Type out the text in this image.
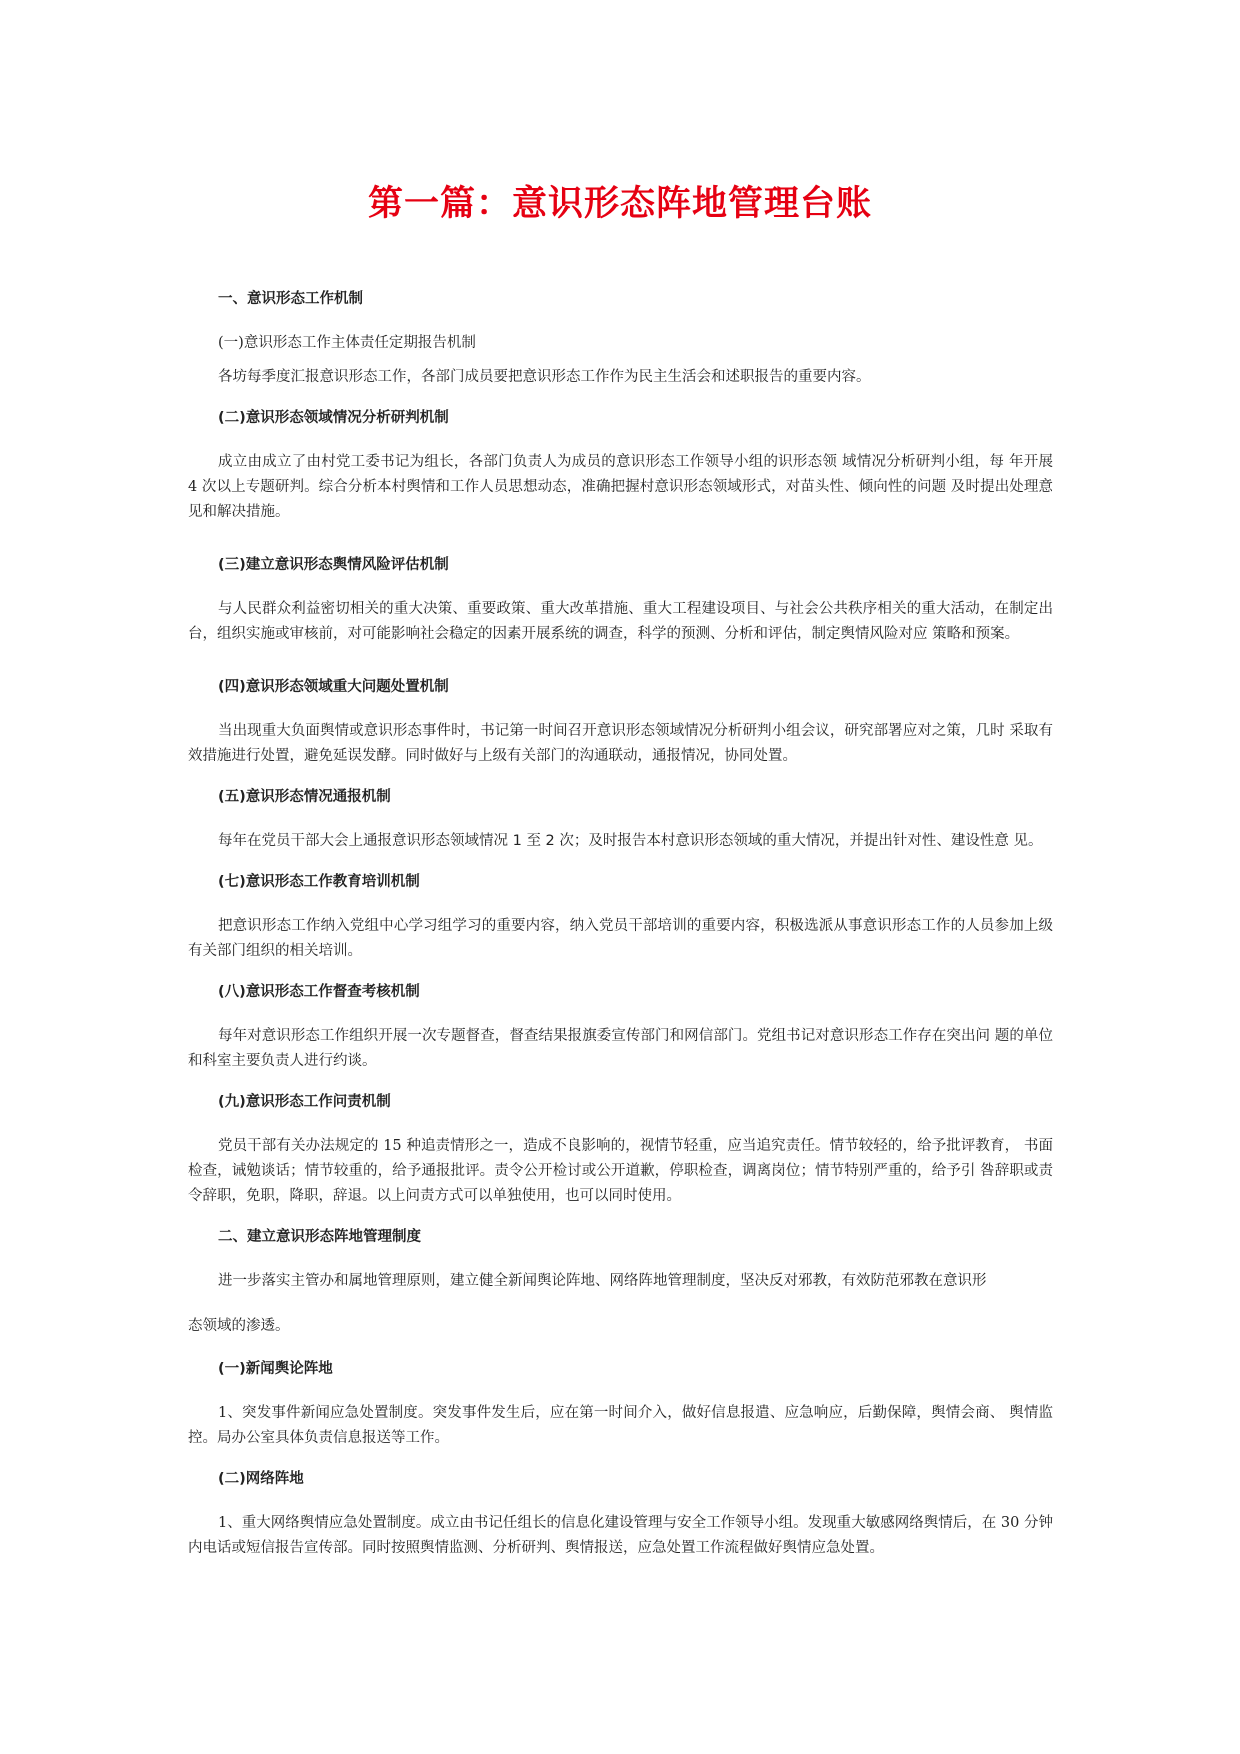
第一篇：意识形态阵地管理台账
一、意识形态工作机制
(一)意识形态工作主体责任定期报告机制

各坊每季度汇报意识形态工作，各部门成员要把意识形态工作作为民主生活会和述职报告的重要内容。

(二)意识形态领域情况分析研判机制

成立由成立了由村党工委书记为组长，各部门负责人为成员的意识形态工作领导小组的识形态领 域情况分析研判小组，每 年开展 4 次以上专题研判。综合分析本村舆情和工作人员思想动态，准确把握村意识形态领域形式，对苗头性、倾向性的问题 及时提出处理意见和解决措施。

(三)建立意识形态舆情风险评估机制

与人民群众利益密切相关的重大决策、重要政策、重大改革措施、重大工程建设项目、与社会公共秩序相关的重大活动，在制定出台，组织实施或审核前，对可能影响社会稳定的因素开展系统的调查，科学的预测、分析和评估，制定舆情风险对应 策略和预案。

(四)意识形态领域重大问题处置机制

当出现重大负面舆情或意识形态事件时，书记第一时间召开意识形态领域情况分析研判小组会议，研究部署应对之策，几时 采取有效措施进行处置，避免延误发酵。同时做好与上级有关部门的沟通联动，通报情况，协同处置。

(五)意识形态情况通报机制

每年在党员干部大会上通报意识形态领域情况 1 至 2 次；及时报告本村意识形态领域的重大情况，并提出针对性、建设性意 见。

(七)意识形态工作教育培训机制

把意识形态工作纳入党组中心学习组学习的重要内容，纳入党员干部培训的重要内容，积极选派从事意识形态工作的人员参加上级有关部门组织的相关培训。

(八)意识形态工作督查考核机制

每年对意识形态工作组织开展一次专题督查，督查结果报旗委宣传部门和网信部门。党组书记对意识形态工作存在突出问 题的单位和科室主要负责人进行约谈。

(九)意识形态工作问责机制

党员干部有关办法规定的 15 种追责情形之一，造成不良影响的，视情节轻重，应当追究责任。情节较轻的，给予批评教育， 书面检查，诫勉谈话；情节较重的，给予通报批评。责令公开检讨或公开道歉，停职检查，调离岗位；情节特别严重的，给予引 咎辞职或责令辞职，免职，降职，辞退。以上问责方式可以单独使用，也可以同时使用。

二、建立意识形态阵地管理制度

进一步落实主管办和属地管理原则，建立健全新闻舆论阵地、网络阵地管理制度，坚决反对邪教，有效防范邪教在意识形

态领域的渗透。

(一)新闻舆论阵地

1、突发事件新闻应急处置制度。突发事件发生后，应在第一时间介入，做好信息报遣、应急响应，后勤保障，舆情会商、 舆情监控。局办公室具体负责信息报送等工作。

(二)网络阵地

1、重大网络舆情应急处置制度。成立由书记任组长的信息化建设管理与安全工作领导小组。发现重大敏感网络舆情后，在 30 分钟内电话或短信报告宣传部。同时按照舆情监测、分析研判、舆情报送，应急处置工作流程做好舆情应急处置。
